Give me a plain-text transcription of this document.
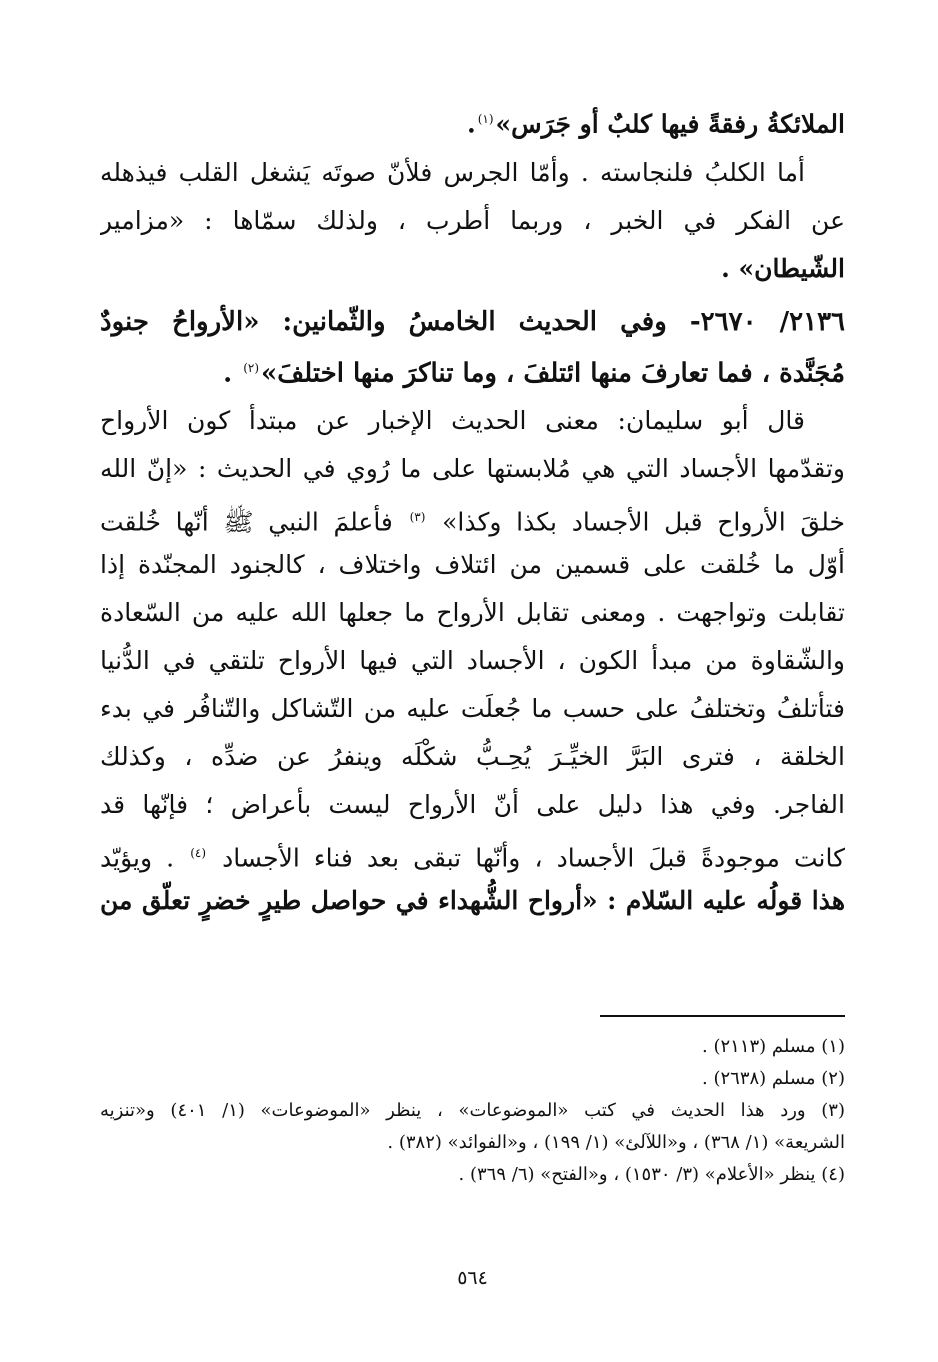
الملائكةُ رفقةً فيها كلبٌ أو جَرَس»$^{(١)}$.
أما الكلبُ فلنجاسته . وأمّا الجرس فلأنّ صوتَه يَشغل القلب فيذهله
عن الفكر في الخبر ، وربما أطرب ، ولذلك سمّاها : «مزامير
الشّيطان» .
٢١٣٦/ ٢٦٧٠- وفي الحديث الخامسُ والثّمانين: «الأرواحُ جنودٌ
مُجَنَّدة ، فما تعارفَ منها ائتلفَ ، وما تناكرَ منها اختلفَ»$^{(٢)}$ .
قال أبو سليمان: معنى الحديث الإخبار عن مبتدأ كون الأرواح
وتقدّمها الأجساد التي هي مُلابستها على ما رُوي في الحديث : «إنّ الله
خلقَ الأرواح قبل الأجساد بكذا وكذا» $^{(٣)}$ فأعلمَ النبي ﷺ أنّها خُلقت
أوّل ما خُلقت على قسمين من ائتلاف واختلاف ، كالجنود المجنّدة إذا
تقابلت وتواجهت . ومعنى تقابل الأرواح ما جعلها الله عليه من السّعادة
والشّقاوة من مبدأ الكون ، الأجساد التي فيها الأرواح تلتقي في الدُّنيا
فتأتلفُ وتختلفُ على حسب ما جُعلَت عليه من التّشاكل والتّنافُر في بدء
الخلقة ، فترى البَرَّ الخيِّـرَ يُحِـبُّ شكْلَه وينفرُ عن ضدِّه ، وكذلك
الفاجر. وفي هذا دليل على أنّ الأرواح ليست بأعراض ؛ فإنّها قد
كانت موجودةً قبلَ الأجساد ، وأنّها تبقى بعد فناء الأجساد $^{(٤)}$ . ويؤيّد
هذا قولُه عليه السّلام : «أرواح الشُّهداء في حواصل طيرٍ خضرٍ تعلّق من
(١) مسلم (٢١١٣) .
(٢) مسلم (٢٦٣٨) .
(٣) ورد هذا الحديث في كتب «الموضوعات» ، ينظر «الموضوعات» (١/ ٤٠١) و«تنزيه
الشريعة» (١/ ٣٦٨) ، و«اللآلئ» (١/ ١٩٩) ، و«الفوائد» (٣٨٢) .
(٤) ينظر «الأعلام» (٣/ ١٥٣٠) ، و«الفتح» (٦/ ٣٦٩) .
٥٦٤
